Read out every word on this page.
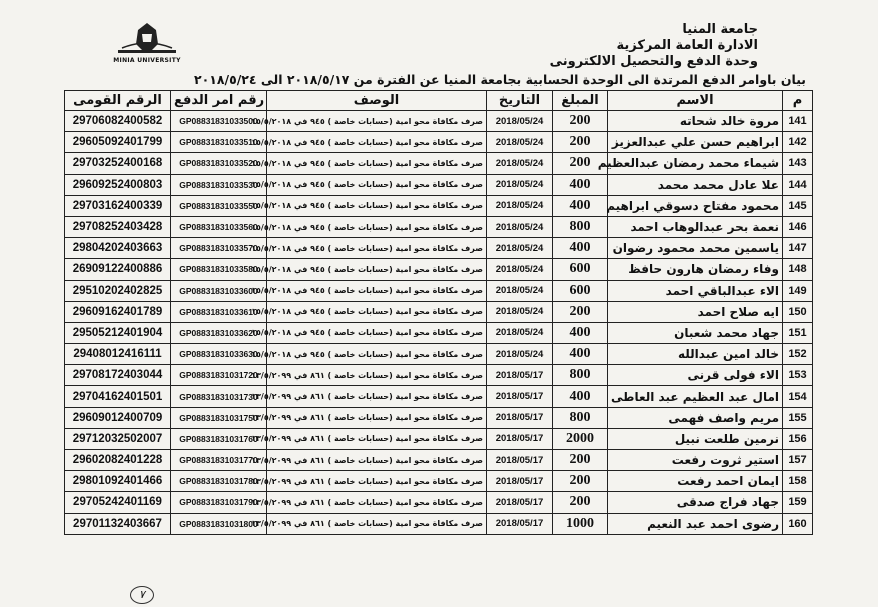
MINIA UNIVERSITY
جامعة المنيا
الادارة العامة المركزية
وحدة الدفع والتحصيل الالكترونى
بيان باوامر الدفع المرتدة الى الوحدة الحسابية بجامعة المنيا عن الفترة من ٢٠١٨/٥/١٧ الى ٢٠١٨/٥/٢٤
الرقم القومى	رقم امر الدفع	الوصف	التاريخ	المبلغ	الاسم	م
29706082400582	GP08831831033500	صرف مكافاة محو امية (حسابات خاصة ) ٩٤٥ في ١٥/٥/٢٠١٨	2018/05/24	200	مروة خالد شحاته	141
29605092401799	GP08831831033510	صرف مكافاة محو امية (حسابات خاصة ) ٩٤٥ في ١٥/٥/٢٠١٨	2018/05/24	200	ابراهيم حسن علي عبدالعزيز	142
29703252400168	GP08831831033520	صرف مكافاة محو امية (حسابات خاصة ) ٩٤٥ في ١٥/٥/٢٠١٨	2018/05/24	200	شيماء محمد رمضان عبدالعظيم	143
29609252400803	GP08831831033530	صرف مكافاة محو امية (حسابات خاصة ) ٩٤٥ في ١٥/٥/٢٠١٨	2018/05/24	400	علا عادل محمد محمد	144
29703162400339	GP08831831033550	صرف مكافاة محو امية (حسابات خاصة ) ٩٤٥ في ١٥/٥/٢٠١٨	2018/05/24	400	محمود مفتاح دسوقي ابراهيم	145
29708252403428	GP08831831033560	صرف مكافاة محو امية (حسابات خاصة ) ٩٤٥ في ١٥/٥/٢٠١٨	2018/05/24	800	نعمة بحر عبدالوهاب احمد	146
29804202403663	GP08831831033570	صرف مكافاة محو امية (حسابات خاصة ) ٩٤٥ في ١٥/٥/٢٠١٨	2018/05/24	400	ياسمين محمد محمود رضوان	147
26909122400886	GP08831831033580	صرف مكافاة محو امية (حسابات خاصة ) ٩٤٥ في ١٥/٥/٢٠١٨	2018/05/24	600	وفاء رمضان هارون حافظ	148
29510202402825	GP08831831033600	صرف مكافاة محو امية (حسابات خاصة ) ٩٤٥ في ١٥/٥/٢٠١٨	2018/05/24	600	الاء عبدالباقي احمد	149
29609162401789	GP08831831033610	صرف مكافاة محو امية (حسابات خاصة ) ٩٤٥ في ١٥/٥/٢٠١٨	2018/05/24	200	ايه صلاح احمد	150
29505212401904	GP08831831033620	صرف مكافاة محو امية (حسابات خاصة ) ٩٤٥ في ١٥/٥/٢٠١٨	2018/05/24	400	جهاد محمد شعبان	151
29408012416111	GP08831831033630	صرف مكافاة محو امية (حسابات خاصة ) ٩٤٥ في ١٥/٥/٢٠١٨	2018/05/24	400	خالد امين عبدالله	152
29708172403044	GP08831831031720	صرف مكافاة محو امية (حسابات خاصة ) ٨٦١ في ١٣/٥/٢٠٩٩	2018/05/17	800	الاء فولى قرنى	153
29704162401501	GP08831831031730	صرف مكافاة محو امية (حسابات خاصة ) ٨٦١ في ١٣/٥/٢٠٩٩	2018/05/17	400	امال عبد العظيم عبد العاطى	154
29609012400709	GP08831831031750	صرف مكافاة محو امية (حسابات خاصة ) ٨٦١ في ١٣/٥/٢٠٩٩	2018/05/17	800	مريم واصف فهمى	155
29712032502007	GP08831831031760	صرف مكافاة محو امية (حسابات خاصة ) ٨٦١ في ١٣/٥/٢٠٩٩	2018/05/17	2000	نرمين طلعت نبيل	156
29602082401228	GP08831831031770	صرف مكافاة محو امية (حسابات خاصة ) ٨٦١ في ١٣/٥/٢٠٩٩	2018/05/17	200	استير ثروت رفعت	157
29801092401466	GP08831831031780	صرف مكافاة محو امية (حسابات خاصة ) ٨٦١ في ١٣/٥/٢٠٩٩	2018/05/17	200	ايمان احمد رفعت	158
29705242401169	GP08831831031790	صرف مكافاة محو امية (حسابات خاصة ) ٨٦١ في ١٣/٥/٢٠٩٩	2018/05/17	200	جهاد فراج صدقى	159
29701132403667	GP08831831031800	صرف مكافاة محو امية (حسابات خاصة ) ٨٦١ في ١٣/٥/٢٠٩٩	2018/05/17	1000	رضوى احمد عبد النعيم	160
٧
